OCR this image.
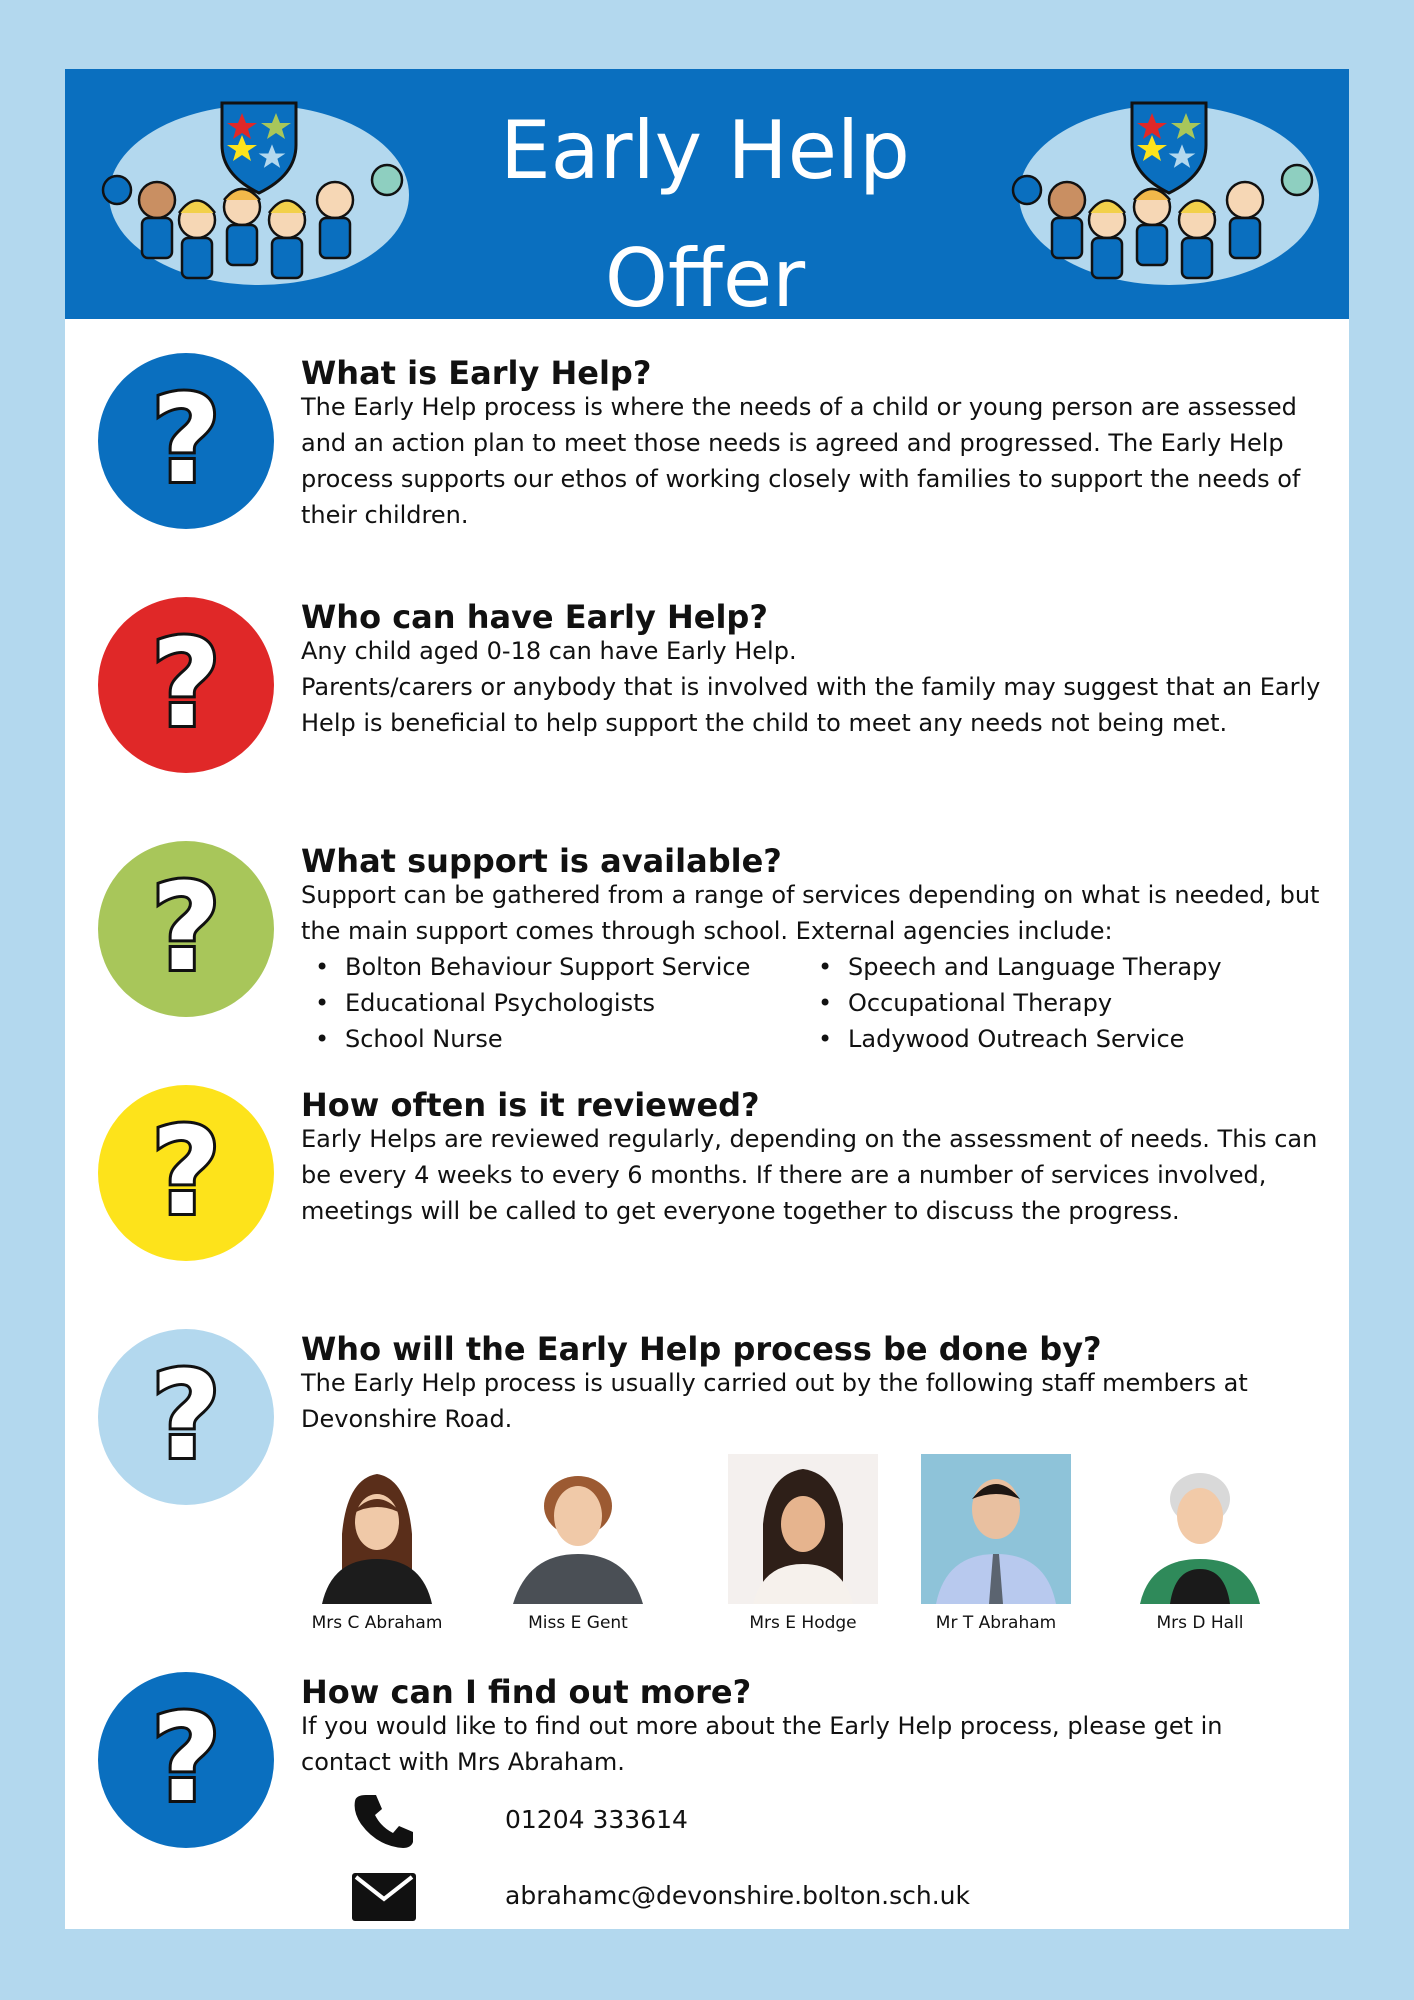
Early Help
Offer
What is Early Help?

The Early Help process is where the needs of a child or young person are assessed and an action plan to meet those needs is agreed and progressed. The Early Help process supports our ethos of working closely with families to support the needs of their children.

Who can have Early Help?

Any child aged 0-18 can have Early Help.

Parents/carers or anybody that is involved with the family may suggest that an Early Help is beneficial to help support the child to meet any needs not being met.

What support is available?

Support can be gathered from a range of services depending on what is needed, but the main support comes through school. External agencies include:

• Bolton Behaviour Support Service
• Educational Psychologists
• School Nurse
• Speech and Language Therapy
• Occupational Therapy
• Ladywood Outreach Service
How often is it reviewed?

Early Helps are reviewed regularly, depending on the assessment of needs. This can be every 4 weeks to every 6 months. If there are a number of services involved, meetings will be called to get everyone together to discuss the progress.

Who will the Early Help process be done by?

The Early Help process is usually carried out by the following staff members at Devonshire Road.

Mrs C Abraham	Miss E Gent	Mrs E Hodge	Mr T Abraham	Mrs D Hall
How can I find out more?

If you would like to find out more about the Early Help process, please get in contact with Mrs Abraham.

01204 333614
abrahamc@devonshire.bolton.sch.uk
